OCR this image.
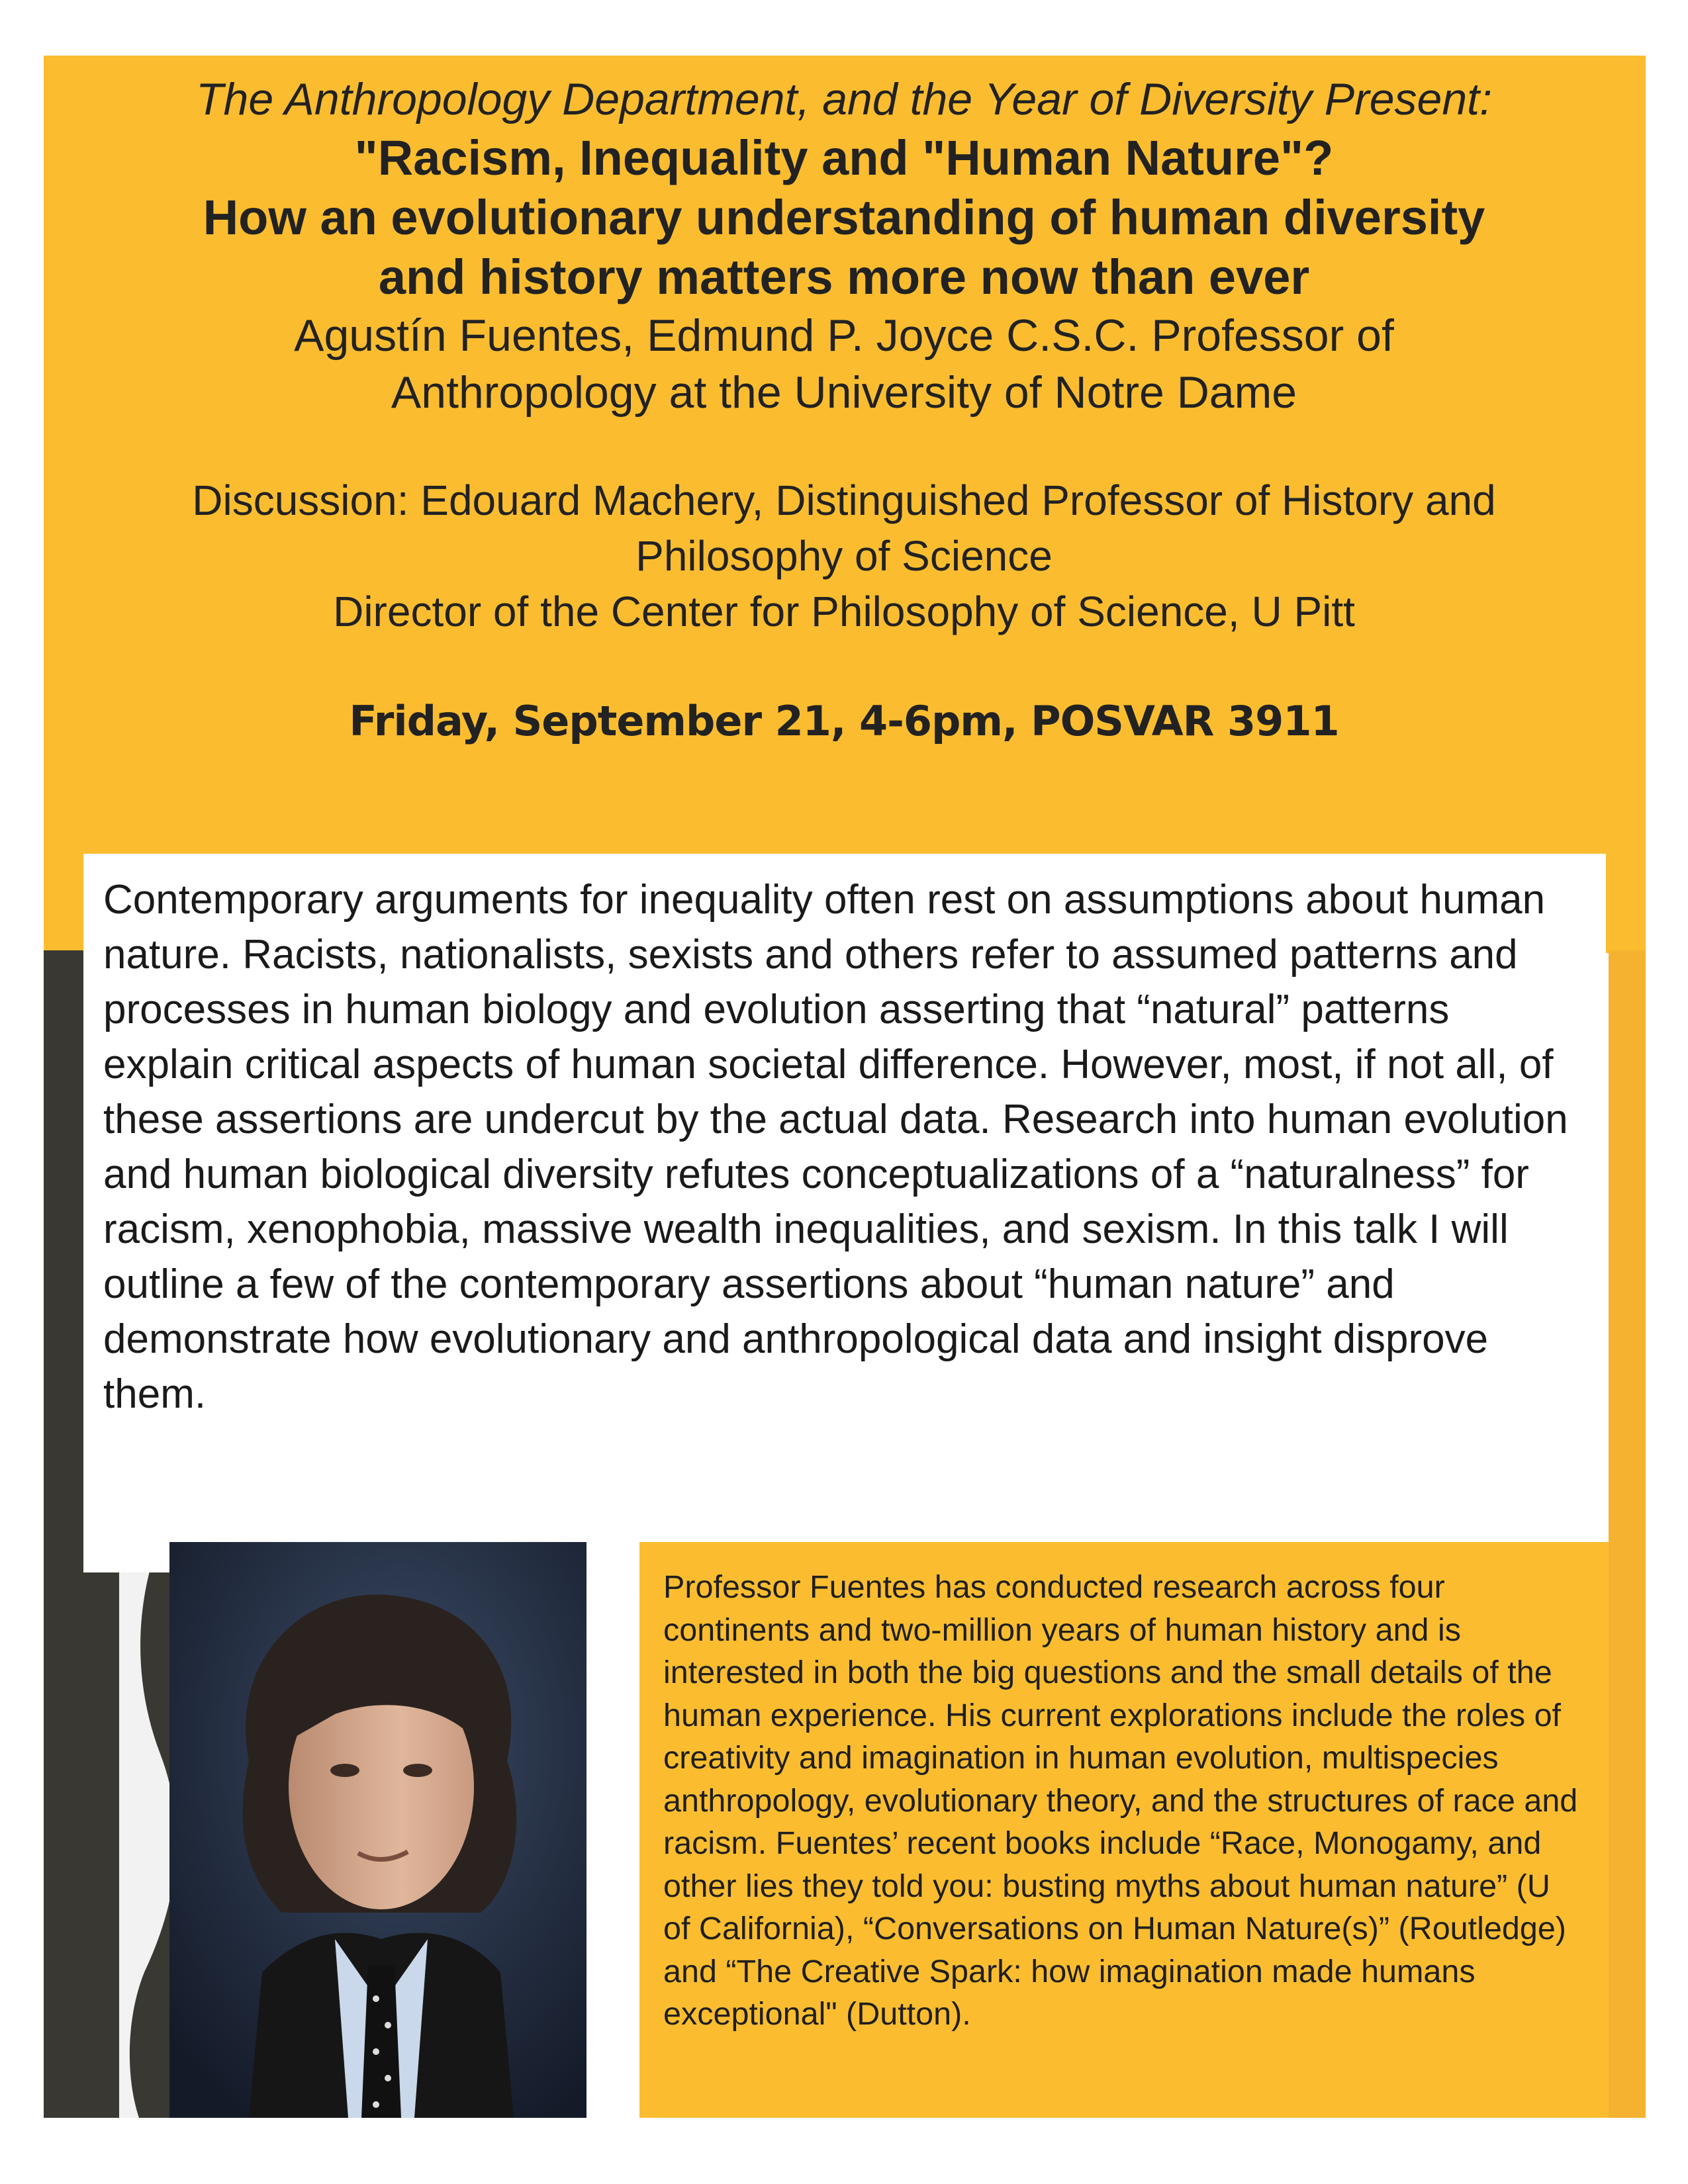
The Anthropology Department, and the Year of Diversity Present:
"Racism, Inequality and "Human Nature"?
How an evolutionary understanding of human diversity
and history matters more now than ever
Agustín Fuentes, Edmund P. Joyce C.S.C. Professor of
Anthropology at the University of Notre Dame
Discussion: Edouard Machery, Distinguished Professor of History and
Philosophy of Science
Director of the Center for Philosophy of Science, U Pitt
Friday, September 21, 4-6pm, POSVAR 3911

Contemporary arguments for inequality often rest on assumptions about human nature. Racists, nationalists, sexists and others refer to assumed patterns and processes in human biology and evolution asserting that “natural” patterns explain critical aspects of human societal difference. However, most, if not all, of these assertions are undercut by the actual data. Research into human evolution and human biological diversity refutes conceptualizations of a “naturalness” for racism, xenophobia, massive wealth inequalities, and sexism. In this talk I will outline a few of the contemporary assertions about “human nature” and demonstrate how evolutionary and anthropological data and insight disprove them.

Professor Fuentes has conducted research across four continents and two-million years of human history and is interested in both the big questions and the small details of the human experience. His current explorations include the roles of creativity and imagination in human evolution, multispecies anthropology, evolutionary theory, and the structures of race and racism. Fuentes’ recent books include “Race, Monogamy, and other lies they told you: busting myths about human nature” (U of California), “Conversations on Human Nature(s)” (Routledge) and “The Creative Spark: how imagination made humans exceptional" (Dutton).
